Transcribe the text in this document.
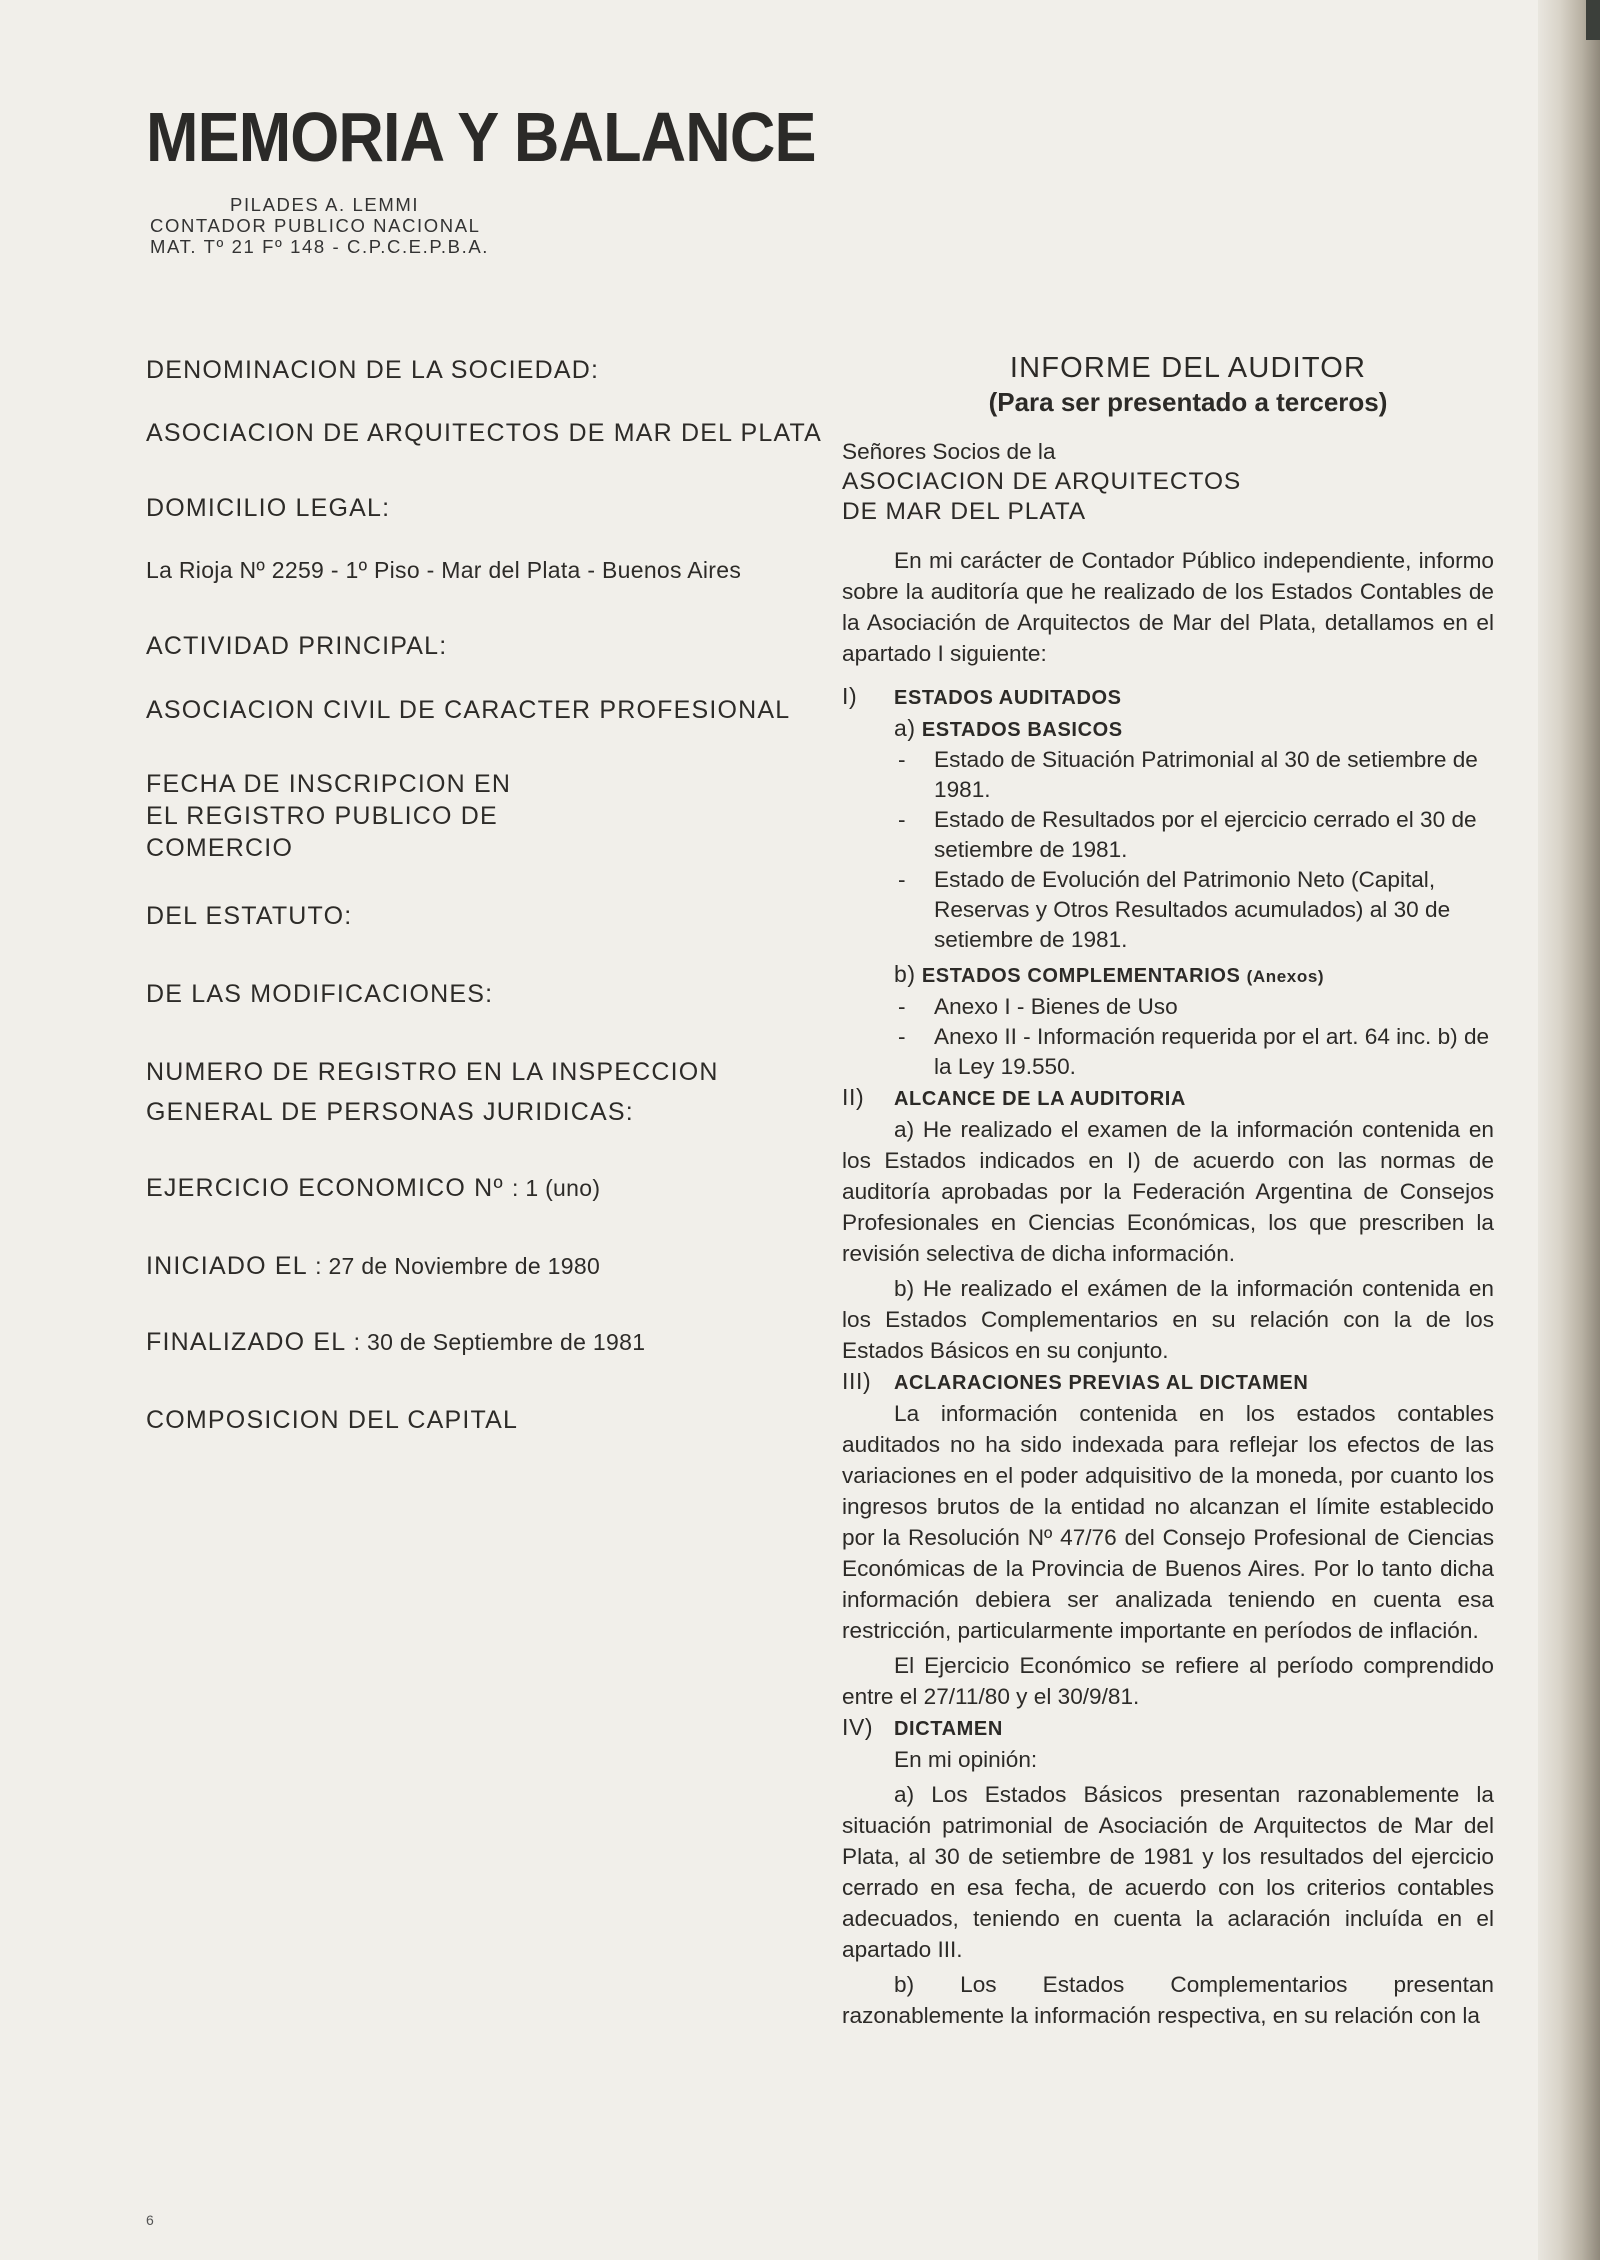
MEMORIA Y BALANCE
PILADES A. LEMMI
CONTADOR PUBLICO NACIONAL
MAT. Tº 21 Fº 148 - C.P.C.E.P.B.A.
DENOMINACION DE LA SOCIEDAD:
ASOCIACION DE ARQUITECTOS DE MAR DEL PLATA
DOMICILIO LEGAL:
La Rioja Nº 2259 - 1º Piso - Mar del Plata - Buenos Aires
ACTIVIDAD PRINCIPAL:
ASOCIACION CIVIL DE CARACTER PROFESIONAL
FECHA DE INSCRIPCION EN
EL REGISTRO PUBLICO DE
COMERCIO
DEL ESTATUTO:
DE LAS MODIFICACIONES:
NUMERO DE REGISTRO EN LA INSPECCION
GENERAL DE PERSONAS JURIDICAS:
EJERCICIO ECONOMICO Nº : 1 (uno)
INICIADO EL : 27 de Noviembre de 1980
FINALIZADO EL : 30 de Septiembre de 1981
COMPOSICION DEL CAPITAL
INFORME DEL AUDITOR
(Para ser presentado a terceros)
Señores Socios de la
ASOCIACION DE ARQUITECTOS
DE MAR DEL PLATA

En mi carácter de Contador Público independiente, informo sobre la auditoría que he realizado de los Estados Contables de la Asociación de Arquitectos de Mar del Plata, detallamos en el apartado I siguiente:

I) ESTADOS AUDITADOS
a) ESTADOS BASICOS
- Estado de Situación Patrimonial al 30 de setiembre de 1981.
- Estado de Resultados por el ejercicio cerrado el 30 de setiembre de 1981.
- Estado de Evolución del Patrimonio Neto (Capital, Reservas y Otros Resultados acumulados) al 30 de setiembre de 1981.
b) ESTADOS COMPLEMENTARIOS (Anexos)
- Anexo I - Bienes de Uso
- Anexo II - Información requerida por el art. 64 inc. b) de la Ley 19.550.
II) ALCANCE DE LA AUDITORIA

a) He realizado el examen de la información contenida en los Estados indicados en I) de acuerdo con las normas de auditoría aprobadas por la Federación Argentina de Consejos Profesionales en Ciencias Económicas, los que prescriben la revisión selectiva de dicha información.

b) He realizado el exámen de la información contenida en los Estados Complementarios en su relación con la de los Estados Básicos en su conjunto.

III) ACLARACIONES PREVIAS AL DICTAMEN

La información contenida en los estados contables auditados no ha sido indexada para reflejar los efectos de las variaciones en el poder adquisitivo de la moneda, por cuanto los ingresos brutos de la entidad no alcanzan el límite establecido por la Resolución Nº 47/76 del Consejo Profesional de Ciencias Económicas de la Provincia de Buenos Aires. Por lo tanto dicha información debiera ser analizada teniendo en cuenta esa restricción, particularmente importante en períodos de inflación.

El Ejercicio Económico se refiere al período comprendido entre el 27/11/80 y el 30/9/81.

IV) DICTAMEN

En mi opinión:

a) Los Estados Básicos presentan razonablemente la situación patrimonial de Asociación de Arquitectos de Mar del Plata, al 30 de setiembre de 1981 y los resultados del ejercicio cerrado en esa fecha, de acuerdo con los criterios contables adecuados, teniendo en cuenta la aclaración incluída en el apartado III.

b) Los Estados Complementarios presentan razonablemente la información respectiva, en su relación con la

6
